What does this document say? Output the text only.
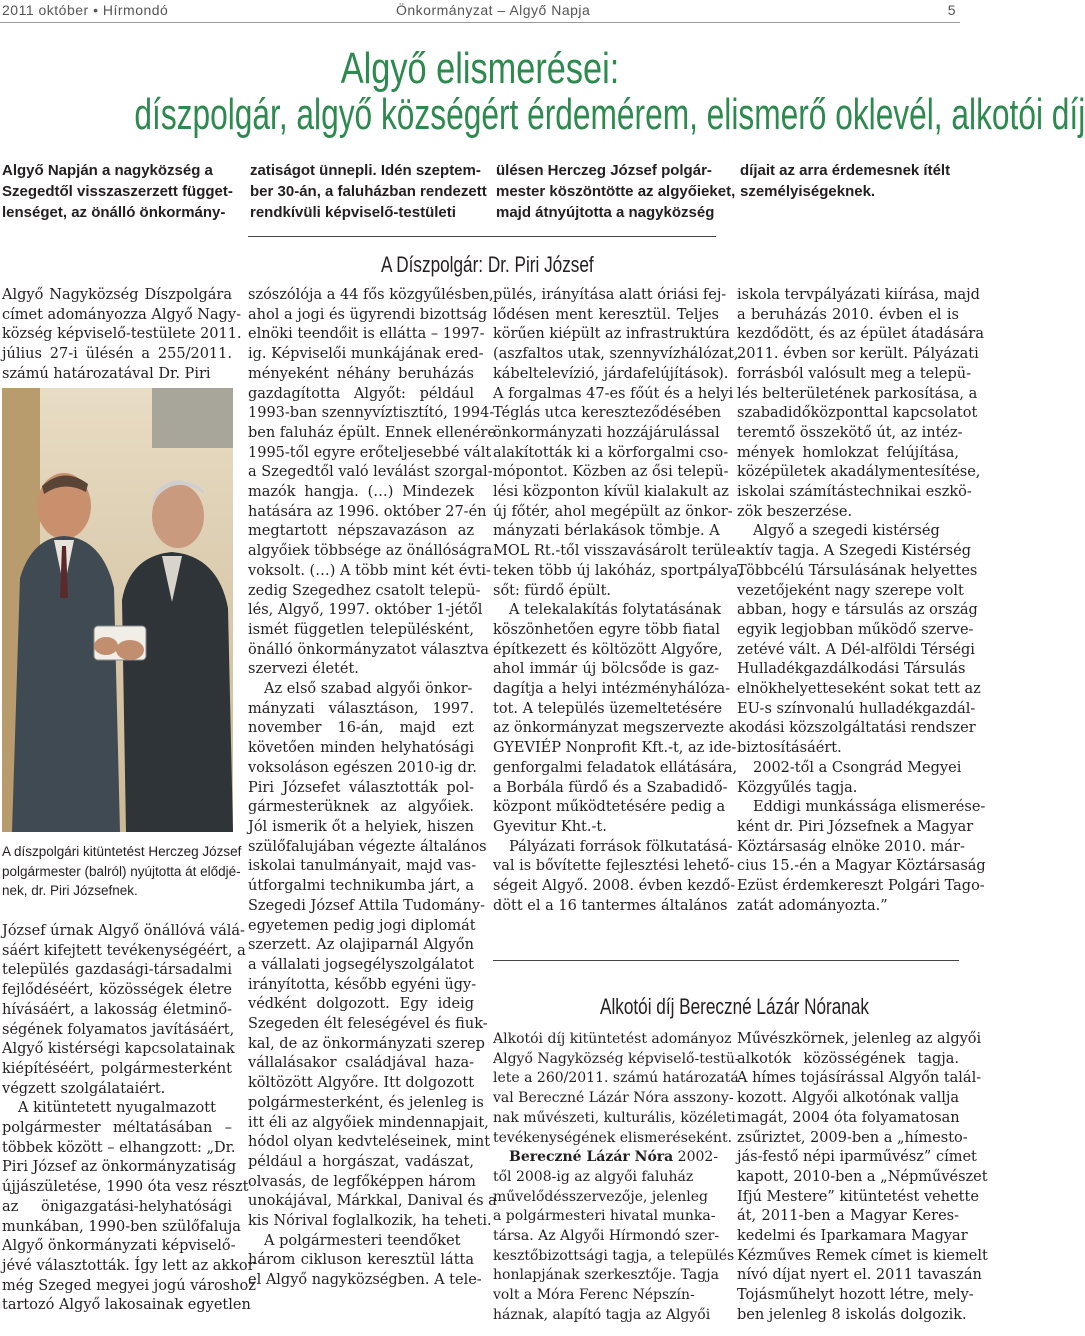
2011 október • Hírmondó	Önkormányzat – Algyő Napja	5
Algyő elismerései:
díszpolgár, algyő községért érdemérem, elismerő oklevél, alkotói díj
Algyő Napján a nagyközség a
Szegedtől visszaszerzett függet-
lenséget, az önálló önkormány-
zatiságot ünnepli. Idén szeptem-
ber 30-án, a faluházban rendezett
rendkívüli képviselő-testületi
ülésen Herczeg József polgár-
mester köszöntötte az algyőieket,
majd átnyújtotta a nagyközség
díjait az arra érdemesnek ítélt
személyiségeknek.
A Díszpolgár: Dr. Piri József
Algyő Nagyközség Díszpolgára
címet adományozza Algyő Nagy-
község képviselő-testülete 2011.
július 27-i ülésén a 255/2011.
számú határozatával Dr. Piri
A díszpolgári kitüntetést Herczeg József
polgármester (balról) nyújtotta át elődjé-
nek, dr. Piri Józsefnek.
József úrnak Algyő önállóvá válá-
sáért kifejtett tevékenységéért, a
település gazdasági-társadalmi
fejlődéséért, közösségek életre
hívásáért, a lakosság életminő-
ségének folyamatos javításáért,
Algyő kistérségi kapcsolatainak
kiépítéséért, polgármesterként
végzett szolgálataiért.
A kitüntetett nyugalmazott
polgármester méltatásában –
többek között – elhangzott: „Dr.
Piri József az önkormányzatiság
újjászületése, 1990 óta vesz részt
az önigazgatási-helyhatósági
munkában, 1990-ben szülőfaluja
Algyő önkormányzati képviselő-
jévé választották. Így lett az akkor
még Szeged megyei jogú városhoz
tartozó Algyő lakosainak egyetlen
szószólója a 44 fős közgyűlésben,
ahol a jogi és ügyrendi bizottság
elnöki teendőit is ellátta – 1997-
ig. Képviselői munkájának ered-
ményeként néhány beruházás
gazdagította Algyőt: például
1993-ban szennyvíztisztító, 1994-
ben faluház épült. Ennek ellenére
1995-től egyre erőteljesebbé vált
a Szegedtől való leválást szorgal-
mazók hangja. (…) Mindezek
hatására az 1996. október 27-én
megtartott népszavazáson az
algyőiek többsége az önállóságra
voksolt. (…) A több mint két évti-
zedig Szegedhez csatolt telepü-
lés, Algyő, 1997. október 1-jétől
ismét független településként,
önálló önkormányzatot választva
szervezi életét.
Az első szabad algyői önkor-
mányzati választáson, 1997.
november 16-án, majd ezt
követően minden helyhatósági
voksoláson egészen 2010-ig dr.
Piri Józsefet választották pol-
gármesterüknek az algyőiek.
Jól ismerik őt a helyiek, hiszen
szülőfalujában végezte általános
iskolai tanulmányait, majd vas-
útforgalmi technikumba járt, a
Szegedi József Attila Tudomány-
egyetemen pedig jogi diplomát
szerzett. Az olajiparnál Algyőn
a vállalati jogsegélyszolgálatot
irányította, később egyéni ügy-
védként dolgozott. Egy ideig
Szegeden élt feleségével és fiuk-
kal, de az önkormányzati szerep
vállalásakor családjával haza-
költözött Algyőre. Itt dolgozott
polgármesterként, és jelenleg is
itt éli az algyőiek mindennapjait,
hódol olyan kedvteléseinek, mint
például a horgászat, vadászat,
olvasás, de legfőképpen három
unokájával, Márkkal, Danival és a
kis Nórival foglalkozik, ha teheti.
A polgármesteri teendőket
három cikluson keresztül látta
el Algyő nagyközségben. A tele-
pülés, irányítása alatt óriási fej-
lődésen ment keresztül. Teljes
körűen kiépült az infrastruktúra
(aszfaltos utak, szennyvízhálózat,
kábeltelevízió, járdafelújítások).
A forgalmas 47-es főút és a helyi
Téglás utca kereszteződésében
önkormányzati hozzájárulással
alakították ki a körforgalmi cso-
mópontot. Közben az ősi telepü-
lési központon kívül kialakult az
új főtér, ahol megépült az önkor-
mányzati bérlakások tömbje. A
MOL Rt.-től visszavásárolt terüle-
teken több új lakóház, sportpálya,
sőt: fürdő épült.
A telekalakítás folytatásának
köszönhetően egyre több fiatal
építkezett és költözött Algyőre,
ahol immár új bölcsőde is gaz-
dagítja a helyi intézményhálózа-
tot. A település üzemeltetésére
az önkormányzat megszervezte a
GYEVIÉP Nonprofit Kft.-t, az ide-
genforgalmi feladatok ellátására,
a Borbála fürdő és a Szabadidő-
központ működtetésére pedig a
Gyevitur Kht.-t.
Pályázati források fölkutatásá-
val is bővítette fejlesztési lehető-
ségeit Algyő. 2008. évben kezdő-
dött el a 16 tantermes általános
iskola tervpályázati kiírása, majd
a beruházás 2010. évben el is
kezdődött, és az épület átadására
2011. évben sor került. Pályázati
forrásból valósult meg a telepü-
lés belterületének parkosítása, a
szabadidőközponttal kapcsolatot
teremtő összekötő út, az intéz-
mények homlokzat felújítása,
középületek akadálymentesítése,
iskolai számítástechnikai eszkö-
zök beszerzése.
Algyő a szegedi kistérség
aktív tagja. A Szegedi Kistérség
Többcélú Társulásának helyettes
vezetőjeként nagy szerepe volt
abban, hogy e társulás az ország
egyik legjobban működő szerve-
zetévé vált. A Dél-alföldi Térségi
Hulladékgazdálkodási Társulás
elnökhelyetteseként sokat tett az
EU-s színvonalú hulladékgazdál-
kodási közszolgáltatási rendszer
biztosításáért.
2002-től a Csongrád Megyei
Közgyűlés tagja.
Eddigi munkássága elismerése-
ként dr. Piri Józsefnek a Magyar
Köztársaság elnöke 2010. már-
cius 15.-én a Magyar Köztársaság
Ezüst érdemkereszt Polgári Tago-
zatát adományozta.”
Alkotói díj Bereczné Lázár Nóranak
Alkotói díj kitüntetést adományoz
Algyő Nagyközség képviselő-testü-
lete a 260/2011. számú határozatá-
val Bereczné Lázár Nóra asszony-
nak művészeti, kulturális, közéleti
tevékenységének elismeréseként.
Bereczné Lázár Nóra 2002-
től 2008-ig az algyői faluház
művelődésszervezője, jelenleg
a polgármesteri hivatal munka-
társa. Az Algyői Hírmondó szer-
kesztőbizottsági tagja, a település
honlapjának szerkesztője. Tagja
volt a Móra Ferenc Népszín-
háznak, alapító tagja az Algyői
Művészkörnek, jelenleg az algyői
alkotók közösségének tagja.
A hímes tojásírással Algyőn talál-
kozott. Algyői alkotónak vallja
magát, 2004 óta folyamatosan
zsűriztet, 2009-ben a „hímesto-
jás-festő népi iparművész” címet
kapott, 2010-ben a „Népművészet
Ifjú Mestere” kitüntetést vehette
át, 2011-ben a Magyar Keres-
kedelmi és Iparkamara Magyar
Kézműves Remek címet is kiemelt
nívó díjat nyert el. 2011 tavaszán
Tojásműhelyt hozott létre, mely-
ben jelenleg 8 iskolás dolgozik.
